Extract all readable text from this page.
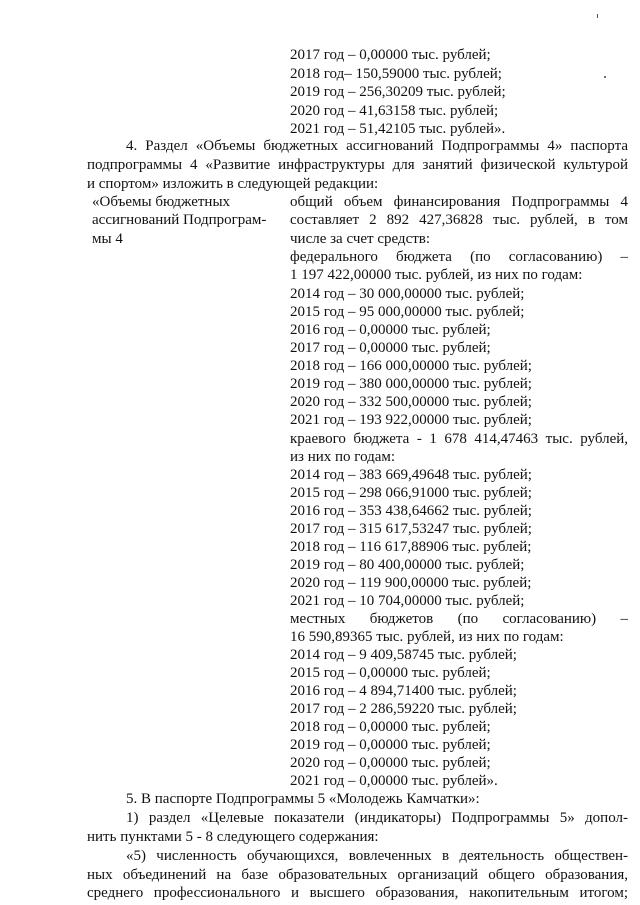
2017 год – 0,00000 тыс. рублей;
2018 год– 150,59000 тыс. рублей;
2019 год – 256,30209 тыс. рублей;
2020 год – 41,63158 тыс. рублей;
2021 год – 51,42105 тыс. рублей».
4. Раздел «Объемы бюджетных ассигнований Подпрограммы 4» паспорта
подпрограммы 4 «Развитие инфраструктуры для занятий физической культурой
и спортом» изложить в следующей редакции:
«Объемы бюджетных
ассигнований Подпрограм-
мы 4
общий объем финансирования Подпрограммы 4
составляет 2 892 427,36828 тыс. рублей, в том
числе за счет средств:
федерального бюджета (по согласованию) –
1 197 422,00000 тыс. рублей, из них по годам:
2014 год – 30 000,00000 тыс. рублей;
2015 год – 95 000,00000 тыс. рублей;
2016 год – 0,00000 тыс. рублей;
2017 год – 0,00000 тыс. рублей;
2018 год – 166 000,00000 тыс. рублей;
2019 год – 380 000,00000 тыс. рублей;
2020 год – 332 500,00000 тыс. рублей;
2021 год – 193 922,00000 тыс. рублей;
краевого бюджета - 1 678 414,47463 тыс. рублей,
из них по годам:
2014 год – 383 669,49648 тыс. рублей;
2015 год – 298 066,91000 тыс. рублей;
2016 год – 353 438,64662 тыс. рублей;
2017 год – 315 617,53247 тыс. рублей;
2018 год – 116 617,88906 тыс. рублей;
2019 год – 80 400,00000 тыс. рублей;
2020 год – 119 900,00000 тыс. рублей;
2021 год – 10 704,00000 тыс. рублей;
местных бюджетов (по согласованию) –
16 590,89365 тыс. рублей, из них по годам:
2014 год – 9 409,58745 тыс. рублей;
2015 год – 0,00000 тыс. рублей;
2016 год – 4 894,71400 тыс. рублей;
2017 год – 2 286,59220 тыс. рублей;
2018 год – 0,00000 тыс. рублей;
2019 год – 0,00000 тыс. рублей;
2020 год – 0,00000 тыс. рублей;
2021 год – 0,00000 тыс. рублей».
5. В паспорте Подпрограммы 5 «Молодежь Камчатки»:
1) раздел «Целевые показатели (индикаторы) Подпрограммы 5» допол-
нить пунктами 5 - 8 следующего содержания:
«5) численность обучающихся, вовлеченных в деятельность обществен-
ных объединений на базе образовательных организаций общего образования,
среднего профессионального и высшего образования, накопительным итогом;
